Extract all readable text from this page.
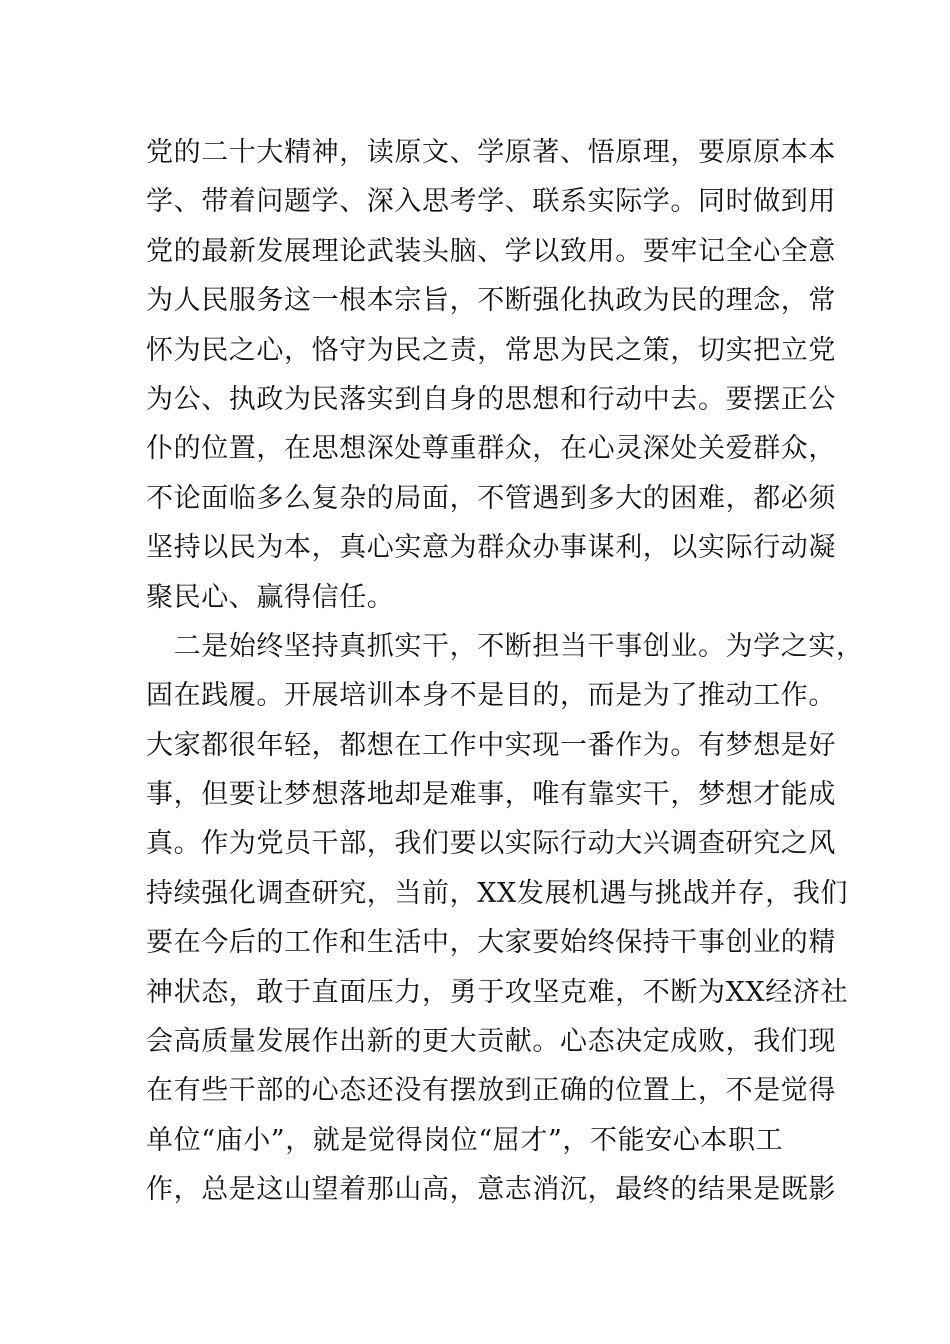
党的二十大精神，读原文、学原著、悟原理，要原原本本
学、带着问题学、深入思考学、联系实际学。同时做到用
党的最新发展理论武装头脑、学以致用。要牢记全心全意
为人民服务这一根本宗旨，不断强化执政为民的理念，常
怀为民之心，恪守为民之责，常思为民之策，切实把立党
为公、执政为民落实到自身的思想和行动中去。要摆正公
仆的位置，在思想深处尊重群众，在心灵深处关爱群众，
不论面临多么复杂的局面，不管遇到多大的困难，都必须
坚持以民为本，真心实意为群众办事谋利，以实际行动凝
聚民心、赢得信任。
　二是始终坚持真抓实干，不断担当干事创业。为学之实，
固在践履。开展培训本身不是目的，而是为了推动工作。
大家都很年轻，都想在工作中实现一番作为。有梦想是好
事，但要让梦想落地却是难事，唯有靠实干，梦想才能成
真。作为党员干部，我们要以实际行动大兴调查研究之风
持续强化调查研究，当前，XX发展机遇与挑战并存，我们
要在今后的工作和生活中，大家要始终保持干事创业的精
神状态，敢于直面压力，勇于攻坚克难，不断为XX经济社
会高质量发展作出新的更大贡献。心态决定成败，我们现
在有些干部的心态还没有摆放到正确的位置上，不是觉得
单位“庙小”，就是觉得岗位“屈才”，不能安心本职工
作，总是这山望着那山高，意志消沉，最终的结果是既影
